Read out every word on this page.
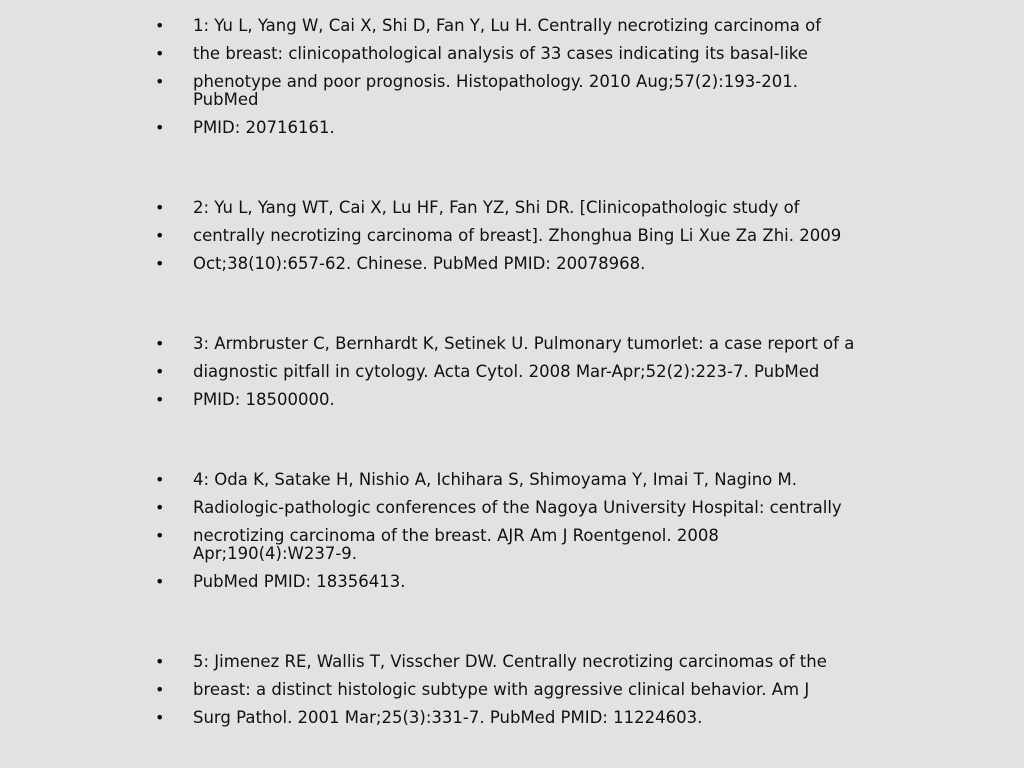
• 1: Yu L, Yang W, Cai X, Shi D, Fan Y, Lu H. Centrally necrotizing carcinoma of
• the breast: clinicopathological analysis of 33 cases indicating its basal-like
• phenotype and poor prognosis. Histopathology. 2010 Aug;57(2):193-201.
PubMed
• PMID: 20716161.
• 2: Yu L, Yang WT, Cai X, Lu HF, Fan YZ, Shi DR. [Clinicopathologic study of
• centrally necrotizing carcinoma of breast]. Zhonghua Bing Li Xue Za Zhi. 2009
• Oct;38(10):657-62. Chinese. PubMed PMID: 20078968.
• 3: Armbruster C, Bernhardt K, Setinek U. Pulmonary tumorlet: a case report of a
• diagnostic pitfall in cytology. Acta Cytol. 2008 Mar-Apr;52(2):223-7. PubMed
• PMID: 18500000.
• 4: Oda K, Satake H, Nishio A, Ichihara S, Shimoyama Y, Imai T, Nagino M.
• Radiologic-pathologic conferences of the Nagoya University Hospital: centrally
• necrotizing carcinoma of the breast. AJR Am J Roentgenol. 2008
Apr;190(4):W237-9.
• PubMed PMID: 18356413.
• 5: Jimenez RE, Wallis T, Visscher DW. Centrally necrotizing carcinomas of the
• breast: a distinct histologic subtype with aggressive clinical behavior. Am J
• Surg Pathol. 2001 Mar;25(3):331-7. PubMed PMID: 11224603.
